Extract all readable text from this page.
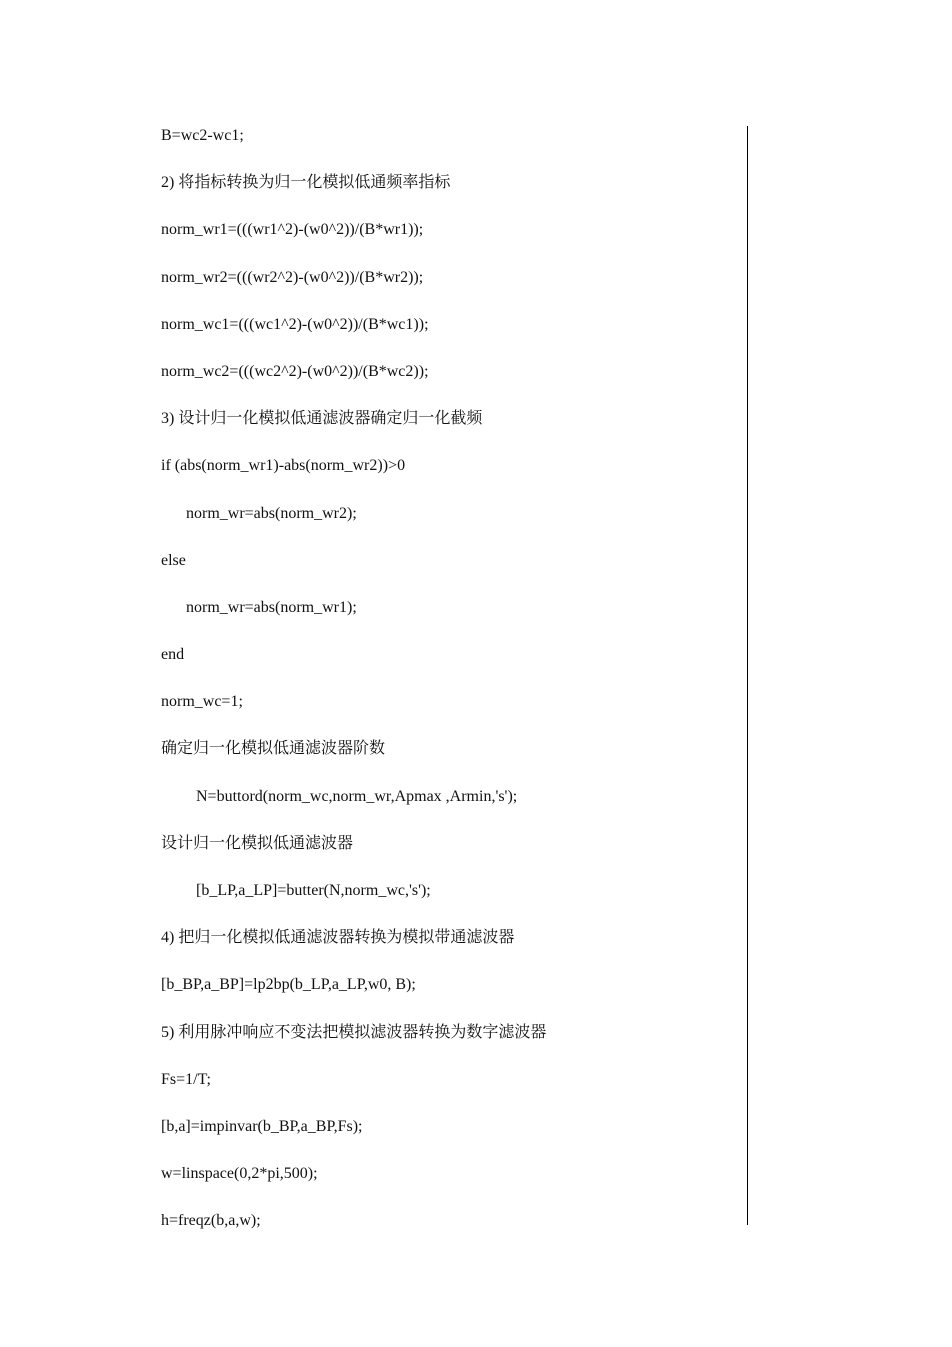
B=wc2-wc1;
2) 将指标转换为归一化模拟低通频率指标
norm_wr1=(((wr1^2)-(w0^2))/(B*wr1));
norm_wr2=(((wr2^2)-(w0^2))/(B*wr2));
norm_wc1=(((wc1^2)-(w0^2))/(B*wc1));
norm_wc2=(((wc2^2)-(w0^2))/(B*wc2));
3) 设计归一化模拟低通滤波器确定归一化截频
if (abs(norm_wr1)-abs(norm_wr2))>0
norm_wr=abs(norm_wr2);
else
norm_wr=abs(norm_wr1);
end
norm_wc=1;
确定归一化模拟低通滤波器阶数
N=buttord(norm_wc,norm_wr,Apmax ,Armin,'s');
设计归一化模拟低通滤波器
[b_LP,a_LP]=butter(N,norm_wc,'s');
4) 把归一化模拟低通滤波器转换为模拟带通滤波器
[b_BP,a_BP]=lp2bp(b_LP,a_LP,w0, B);
5) 利用脉冲响应不变法把模拟滤波器转换为数字滤波器
Fs=1/T;
[b,a]=impinvar(b_BP,a_BP,Fs);
w=linspace(0,2*pi,500);
h=freqz(b,a,w);
